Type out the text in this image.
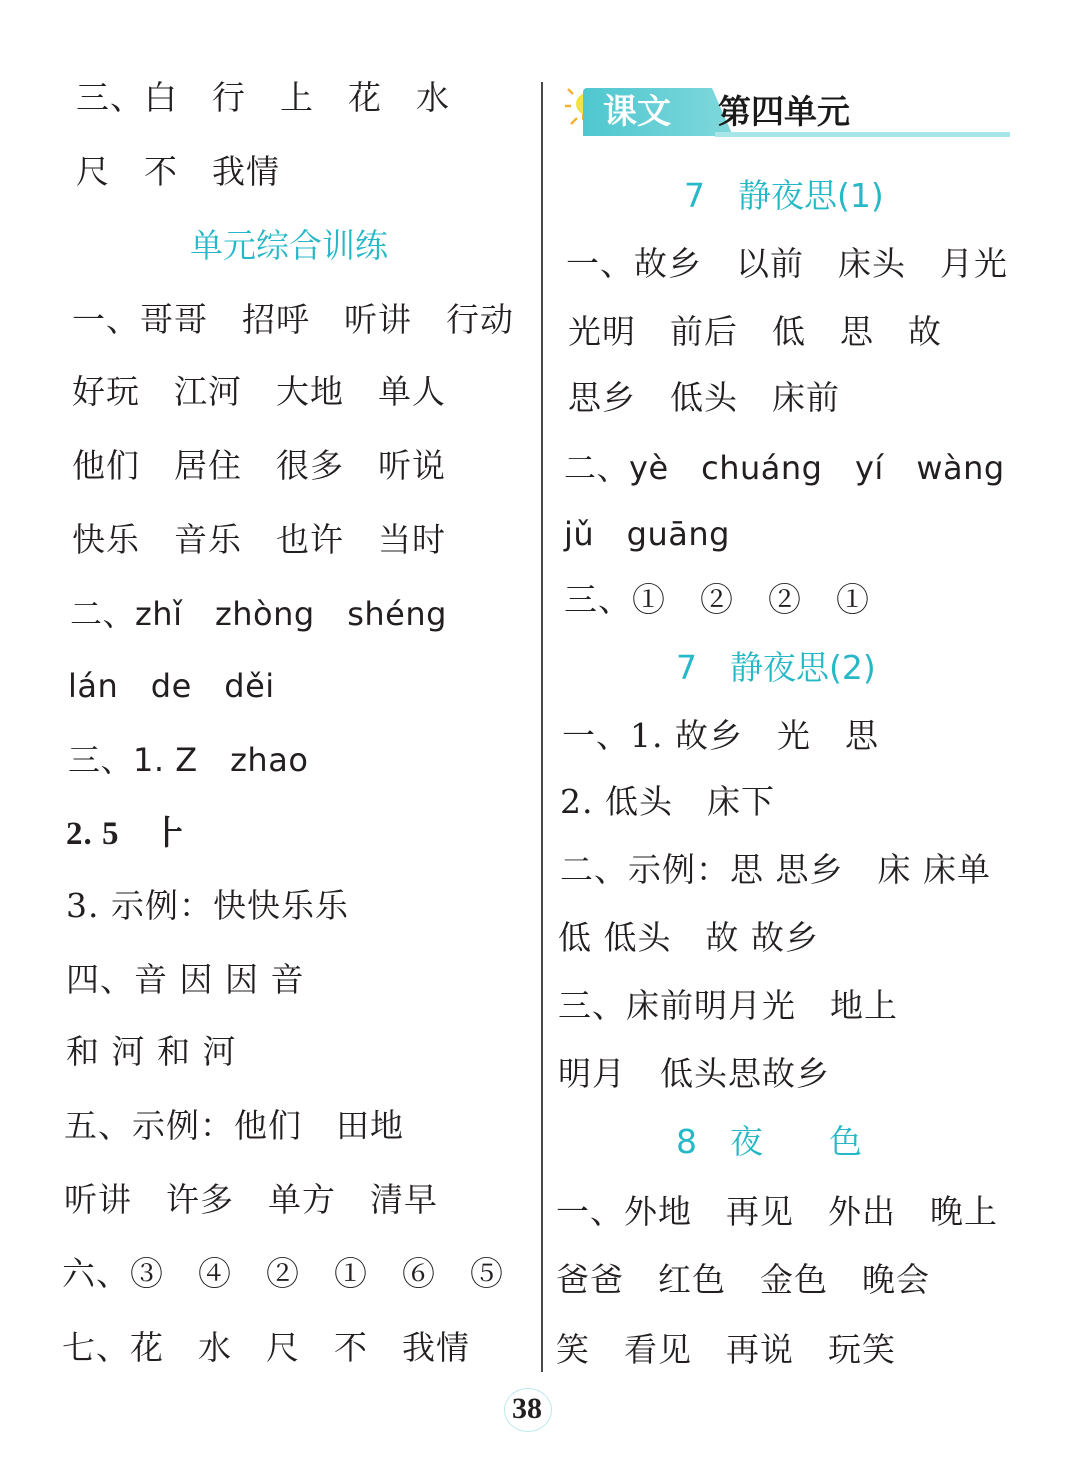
三、白　行　上　花　水
尺　不　我情
单元综合训练
一、哥哥　招呼　听讲　行动
好玩　江河　大地　单人
他们　居住　很多　听说
快乐　音乐　也许　当时
二、zhǐ　zhòng　shéng
lán　de　děi
三、1. Z　zhao
2. 5　⺊
3. 示例：快快乐乐
四、音 因 因 音
和 河 和 河
五、示例：他们　田地
听讲　许多　单方　清早
六、③　④　②　①　⑥　⑤
七、花　水　尺　不　我情
课文 第四单元
7　静夜思(1)
一、故乡　以前　床头　月光
光明　前后　低　思　故
思乡　低头　床前
二、yè　chuáng　yí　wàng
jǔ　guāng
三、①　②　②　①
7　静夜思(2)
一、1. 故乡　光　思
2. 低头　床下
二、示例：思 思乡　床 床单
低 低头　故 故乡
三、床前明月光　地上
明月　低头思故乡
8　夜　　色
一、外地　再见　外出　晚上
爸爸　红色　金色　晚会
笑　看见　再说　玩笑
38
